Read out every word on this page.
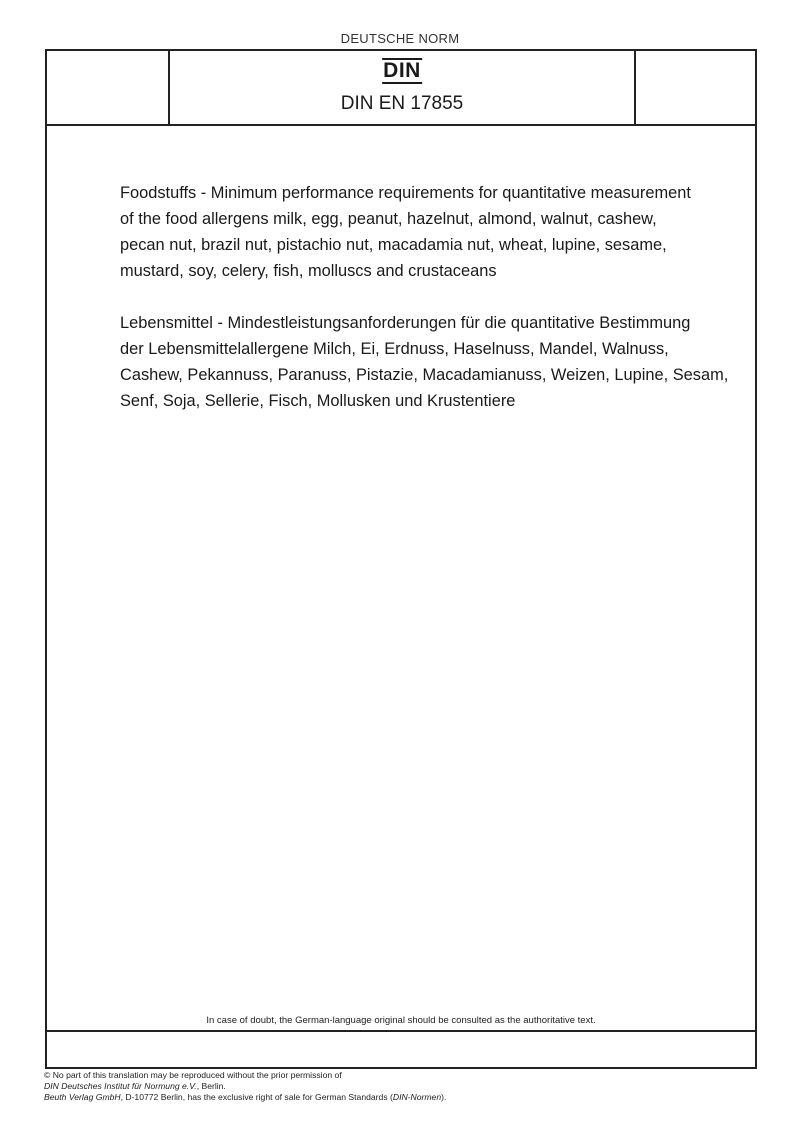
DEUTSCHE NORM
DIN
DIN EN 17855

Foodstuffs - Minimum performance requirements for quantitative measurement
of the food allergens milk, egg, peanut, hazelnut, almond, walnut, cashew,
pecan nut, brazil nut, pistachio nut, macadamia nut, wheat, lupine, sesame,
mustard, soy, celery, fish, molluscs and crustaceans

Lebensmittel - Mindestleistungsanforderungen für die quantitative Bestimmung
der Lebensmittelallergene Milch, Ei, Erdnuss, Haselnuss, Mandel, Walnuss,
Cashew, Pekannuss, Paranuss, Pistazie, Macadamianuss, Weizen, Lupine, Sesam,
Senf, Soja, Sellerie, Fisch, Mollusken und Krustentiere

In case of doubt, the German-language original should be consulted as the authoritative text.
© No part of this translation may be reproduced without the prior permission of
DIN Deutsches Institut für Normung e.V., Berlin.
Beuth Verlag GmbH, D-10772 Berlin, has the exclusive right of sale for German Standards (DIN-Normen).
